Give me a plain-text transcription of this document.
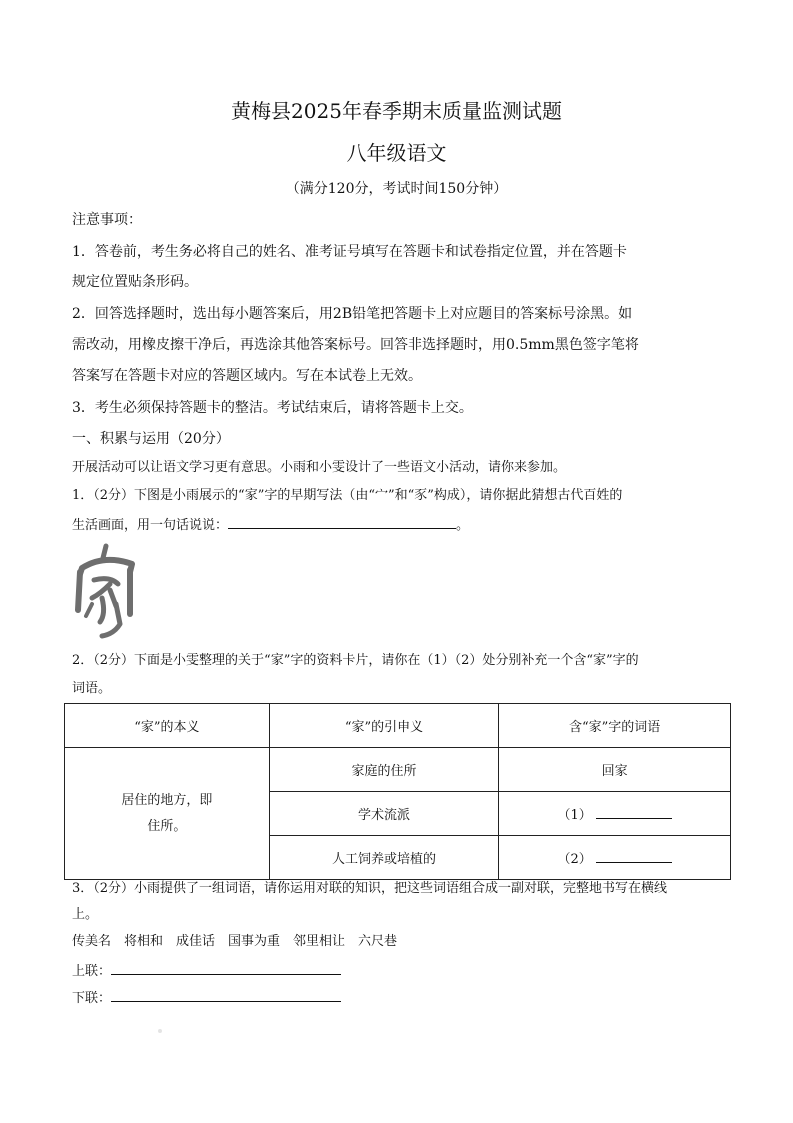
黄梅县2025年春季期末质量监测试题
八年级语文
（满分120分，考试时间150分钟）
注意事项：
1．答卷前，考生务必将自己的姓名、准考证号填写在答题卡和试卷指定位置，并在答题卡
规定位置贴条形码。
2．回答选择题时，选出每小题答案后，用2B铅笔把答题卡上对应题目的答案标号涂黑。如
需改动，用橡皮擦干净后，再选涂其他答案标号。回答非选择题时，用0.5mm黑色签字笔将
答案写在答题卡对应的答题区域内。写在本试卷上无效。
3．考生必须保持答题卡的整洁。考试结束后，请将答题卡上交。
一、积累与运用（20分）
开展活动可以让语文学习更有意思。小雨和小雯设计了一些语文小活动，请你来参加。
1．（2分）下图是小雨展示的“家”字的早期写法（由“宀”和“豕”构成），请你据此猜想古代百姓的
生活画面，用一句话说说：	。
2．（2分）下面是小雯整理的关于“家”字的资料卡片，请你在（1）（2）处分别补充一个含“家”字的
词语。
“家”的本义	“家”的引申义	含“家”字的词语
居住的地方，即
住所。	家庭的住所	回家
	学术流派	（1）
	人工饲养或培植的	（2）
3．（2分）小雨提供了一组词语，请你运用对联的知识，把这些词语组合成一副对联，完整地书写在横线
上。
传美名　将相和　成佳话　国事为重　邻里相让　六尺巷
上联：
下联：
